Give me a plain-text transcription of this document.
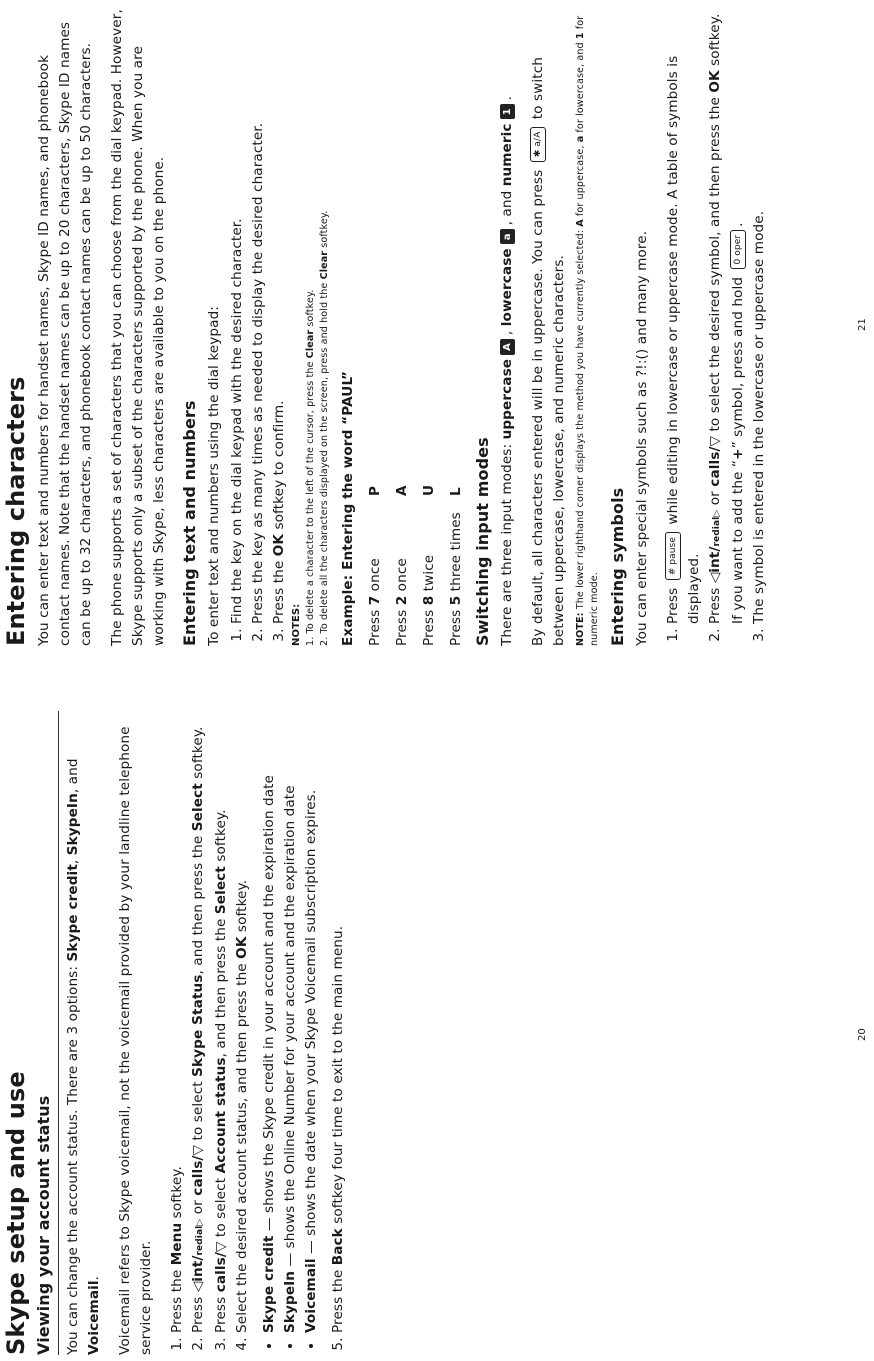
Skype setup and use Viewing your account status You can change the account status. There are 3 options: Skype credit, SkypeIn, and Voicemail. Voicemail refers to Skype voicemail, not the voicemail provided by your landline telephone service provider. 1. Press the Menu softkey.
2. Press ◁int/redial▷ or calls/▽ to select Skype Status, and then press the Select softkey.
3. Press calls/▽ to select Account status, and then press the Select softkey.
4. Select the desired account status, and then press the OK softkey.
• Skype credit — shows the Skype credit in your account and the expiration date
• SkypeIn — shows the Online Number for your account and the expiration date
• Voicemail — shows the date when your Skype Voicemail subscription expires.
5. Press the Back softkey four time to exit to the main menu.
Entering characters You can enter text and numbers for handset names, Skype ID names, and phonebook contact names. Note that the handset names can be up to 20 characters, Skype ID names can be up to 32 characters, and phonebook contact names can be up to 50 characters. The phone supports a set of characters that you can choose from the dial keypad. However, Skype supports only a subset of the characters supported by the phone. When you are working with Skype, less characters are available to you on the phone. Entering text and numbers To enter text and numbers using the dial keypad: 1. Find the key on the dial keypad with the desired character. 2. Press the key as many times as needed to display the desired character. 3. Press the OK softkey to confirm.
NOTES: 1. To delete a character to the left of the cursor, press the Clear softkey. 2. To delete all the characters displayed on the screen, press and hold the Clear softkey.
Example: Entering the word “PAUL” Press 7 onceP
Press 2 onceA
Press 8 twiceU
Press 5 three timesL Switching input modes There are three input modes: uppercaseA, lowercasea, and numeric1.

By default, all characters entered will be in uppercase. You can press ✱ a/A to switch between uppercase, lowercase, and numeric characters. NOTE: The lower righthand corner displays the method you have currently selected: A for uppercase, a for lowercase, and 1 for numeric mode. Entering symbols You can enter special symbols such as ?!:() and many more. 1. Press # pause while editing in lowercase or uppercase mode. A table of symbols is displayed. 2. Press ◁int/redial▷ or calls/▽ to select the desired symbol, and then press the OK softkey. If you want to add the “+” symbol, press and hold 0 oper. 3. The symbol is entered in the lowercase or uppercase mode.
20
21
